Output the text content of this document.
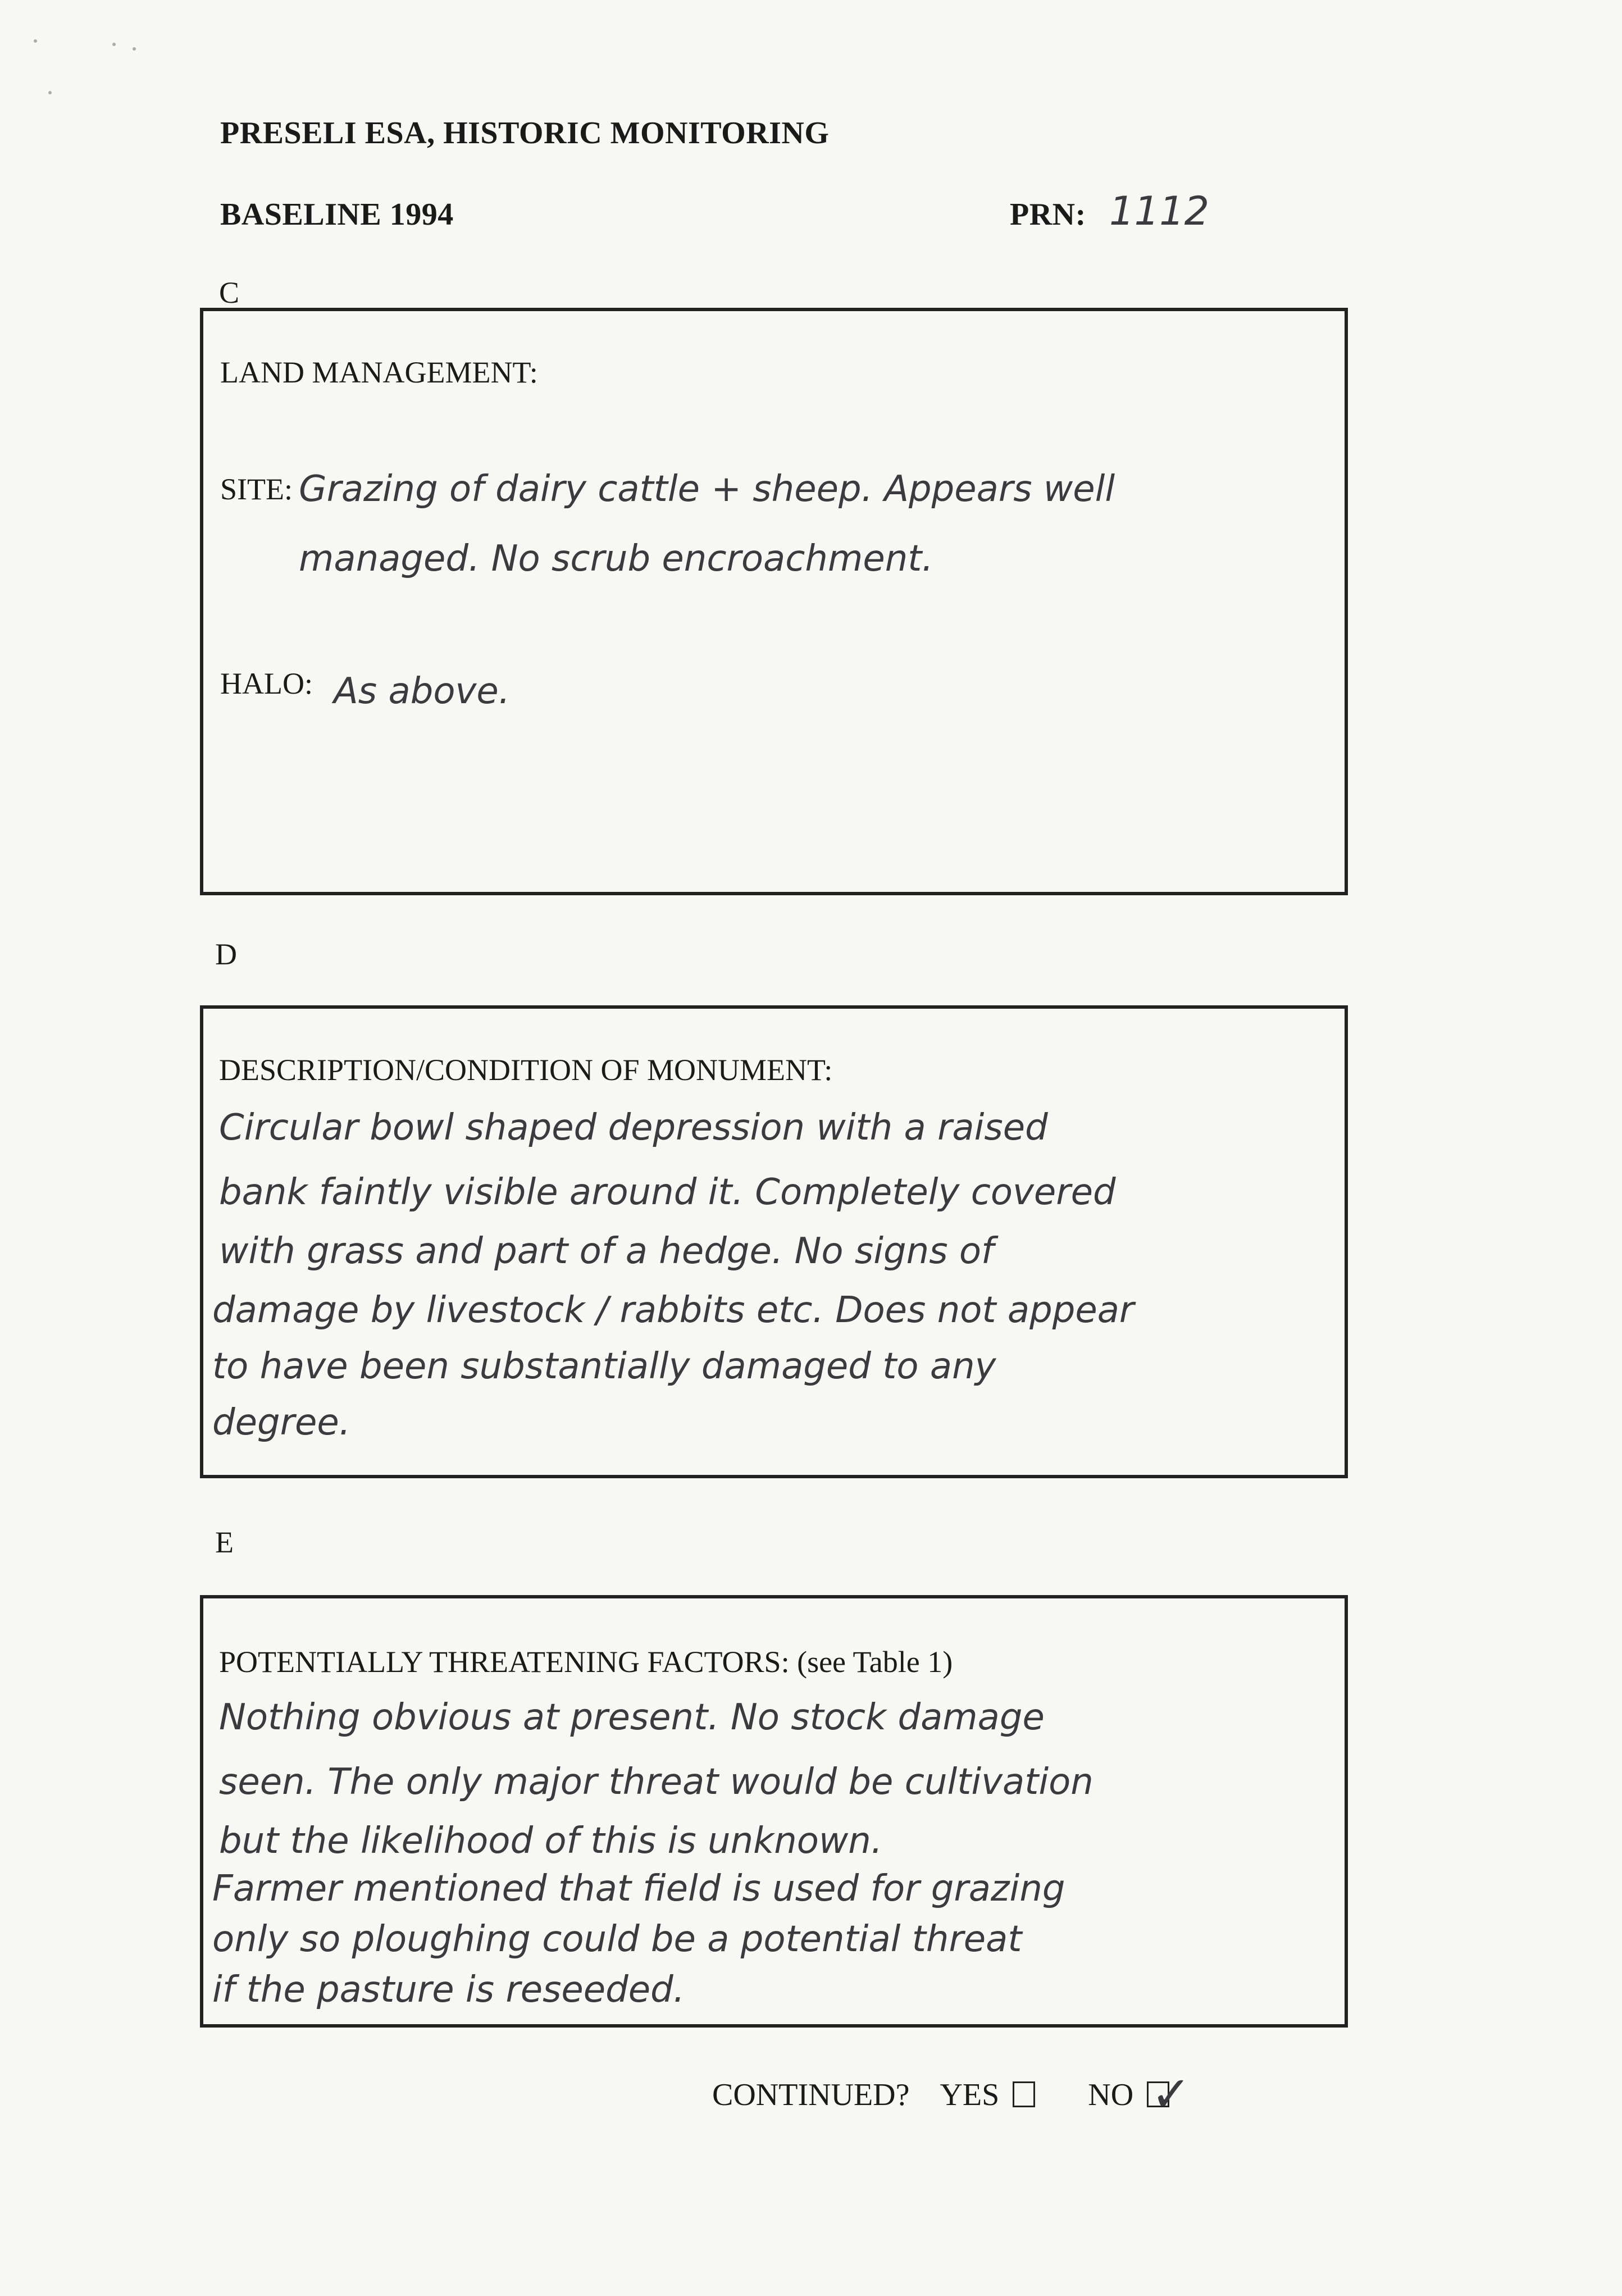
PRESELI ESA, HISTORIC MONITORING
BASELINE 1994	PRN: 1112
C
LAND MANAGEMENT:
SITE: Grazing of dairy cattle + sheep. Appears well
managed. No scrub encroachment.
HALO: As above.
D
DESCRIPTION/CONDITION OF MONUMENT:
Circular bowl shaped depression with a raised
bank faintly visible around it. Completely covered
with grass and part of a hedge. No signs of
damage by livestock / rabbits etc. Does not appear
to have been substantially damaged to any
degree.
E
POTENTIALLY THREATENING FACTORS: (see Table 1)
Nothing obvious at present. No stock damage
seen. The only major threat would be cultivation
but the likelihood of this is unknown.
Farmer mentioned that field is used for grazing
only so ploughing could be a potential threat
if the pasture is reseeded.
CONTINUED? YES	NO ✓
